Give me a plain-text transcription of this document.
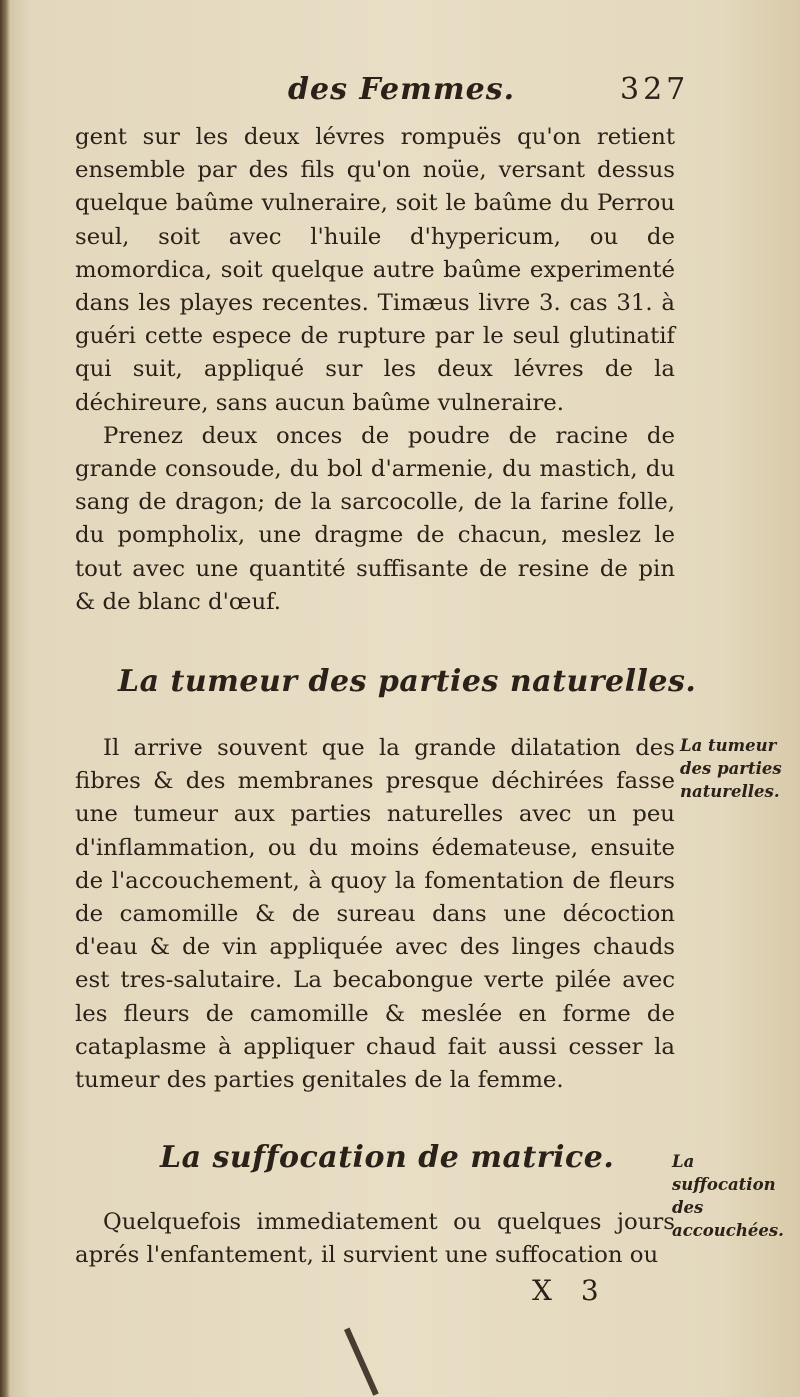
des Femmes.	327

gent sur les deux lévres rompuës qu'on retient ensemble par des fils qu'on noüe, versant dessus quelque baûme vulneraire, soit le baûme du Perrou seul, soit avec l'huile d'hypericum, ou de momordica, soit quelque autre baûme experimenté dans les playes recentes. Timæus livre 3. cas 31. à guéri cette espece de rupture par le seul glutinatif qui suit, appliqué sur les deux lévres de la déchireure, sans aucun baûme vulneraire.

Prenez deux onces de poudre de racine de grande consoude, du bol d'armenie, du mastich, du sang de dragon; de la sarcocolle, de la farine folle, du pompholix, une dragme de chacun, meslez le tout avec une quantité suffisante de resine de pin & de blanc d'œuf.

La tumeur des parties naturelles.

Il arrive souvent que la grande dilatation des fibres & des membranes presque déchirées fasse une tumeur aux parties naturelles avec un peu d'inflammation, ou du moins édemateuse, ensuite de l'accouchement, à quoy la fomentation de fleurs de camomille & de sureau dans une décoction d'eau & de vin appliquée avec des linges chauds est tres-salutaire. La becabongue verte pilée avec les fleurs de camomille & meslée en forme de cataplasme à appliquer chaud fait aussi cesser la tumeur des parties genitales de la femme.

La tumeur des parties naturelles.
La suffocation de matrice.

Quelquefois immediatement ou quelques jours aprés l'enfantement, il survient une suffocation ou

La suffocation des accouchées.
X 3
